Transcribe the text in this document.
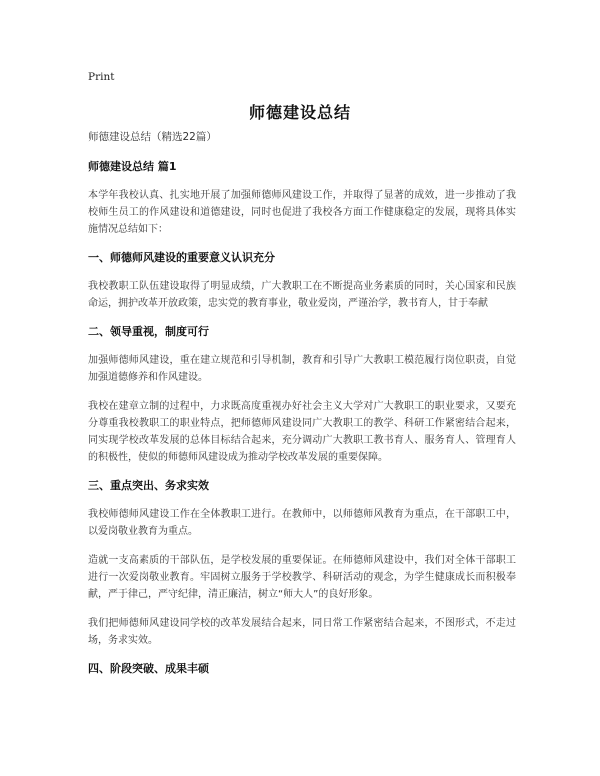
Print
师德建设总结
师德建设总结（精选22篇）
师德建设总结 篇1

本学年我校认真、扎实地开展了加强师德师风建设工作，并取得了显著的成效，进一步推动了我校师生员工的作风建设和道德建设，同时也促进了我校各方面工作健康稳定的发展，现将具体实施情况总结如下：

一、师德师风建设的重要意义认识充分

我校教职工队伍建设取得了明显成绩，广大教职工在不断提高业务素质的同时，关心国家和民族命运，拥护改革开放政策，忠实党的教育事业，敬业爱岗，严谨治学，教书育人，甘于奉献

二、领导重视，制度可行

加强师德师风建设，重在建立规范和引导机制，教育和引导广大教职工模范履行岗位职责，自觉加强道德修养和作风建设。

我校在建章立制的过程中，力求既高度重视办好社会主义大学对广大教职工的职业要求，又要充分尊重我校教职工的职业特点，把师德师风建设同广大教职工的教学、科研工作紧密结合起来，同实现学校改革发展的总体目标结合起来，充分调动广大教职工教书育人、服务育人、管理育人的积极性，使似的师德师风建设成为推动学校改革发展的重要保障。

三、重点突出、务求实效

我校师德师风建设工作在全体教职工进行。在教师中，以师德师风教育为重点，在干部职工中，以爱岗敬业教育为重点。

造就一支高素质的干部队伍，是学校发展的重要保证。在师德师风建设中，我们对全体干部职工进行一次爱岗敬业教育。牢固树立服务于学校教学、科研活动的观念，为学生健康成长而积极奉献，严于律己，严守纪律，清正廉洁，树立“师大人”的良好形象。

我们把师德师风建设同学校的改革发展结合起来，同日常工作紧密结合起来，不图形式，不走过场，务求实效。

四、阶段突破、成果丰硕
